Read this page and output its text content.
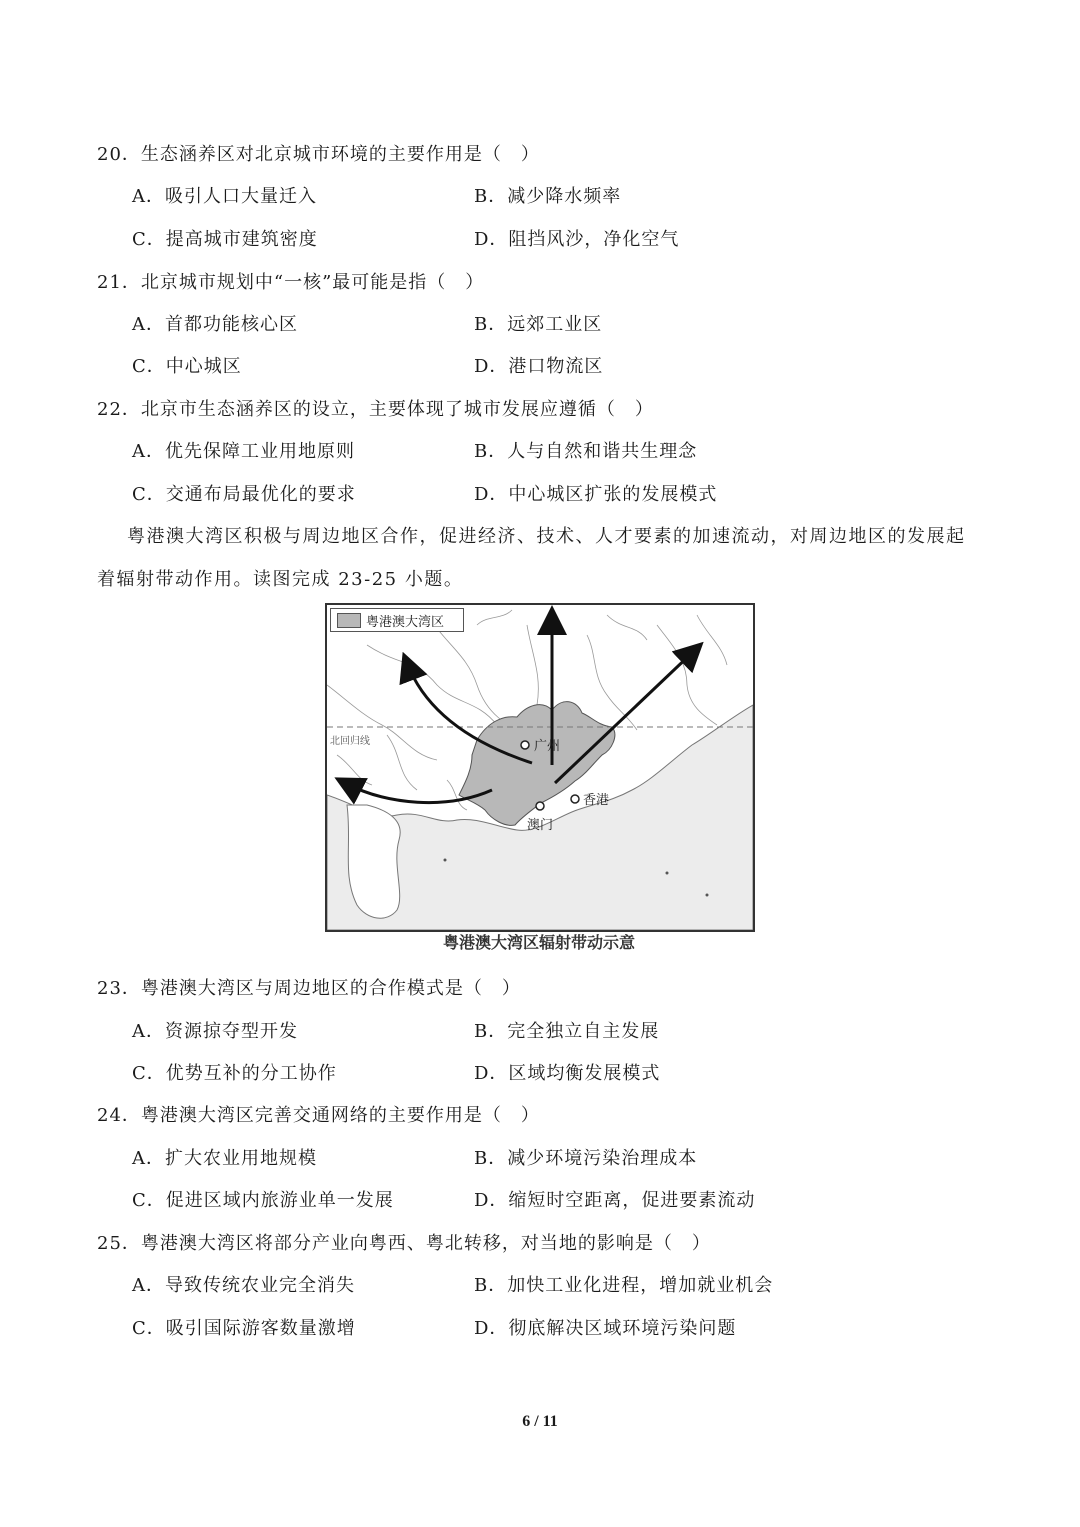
20．生态涵养区对北京城市环境的主要作用是（　）
A．吸引人口大量迁入	B．减少降水频率
C．提高城市建筑密度	D．阻挡风沙，净化空气
21．北京城市规划中“一核”最可能是指（　）
A．首都功能核心区	B．远郊工业区
C．中心城区	D．港口物流区
22．北京市生态涵养区的设立，主要体现了城市发展应遵循（　）
A．优先保障工业用地原则	B．人与自然和谐共生理念
C．交通布局最优化的要求	D．中心城区扩张的发展模式
粤港澳大湾区积极与周边地区合作，促进经济、技术、人才要素的加速流动，对周边地区的发展起
着辐射带动作用。读图完成 23-25 小题。
粤港澳大湾区
北回归线	广州
香港
澳门
粤港澳大湾区辐射带动示意
23．粤港澳大湾区与周边地区的合作模式是（　）
A．资源掠夺型开发	B．完全独立自主发展
C．优势互补的分工协作	D．区域均衡发展模式
24．粤港澳大湾区完善交通网络的主要作用是（　）
A．扩大农业用地规模	B．减少环境污染治理成本
C．促进区域内旅游业单一发展	D．缩短时空距离，促进要素流动
25．粤港澳大湾区将部分产业向粤西、粤北转移，对当地的影响是（　）
A．导致传统农业完全消失	B．加快工业化进程，增加就业机会
C．吸引国际游客数量激增	D．彻底解决区域环境污染问题
6 / 11
